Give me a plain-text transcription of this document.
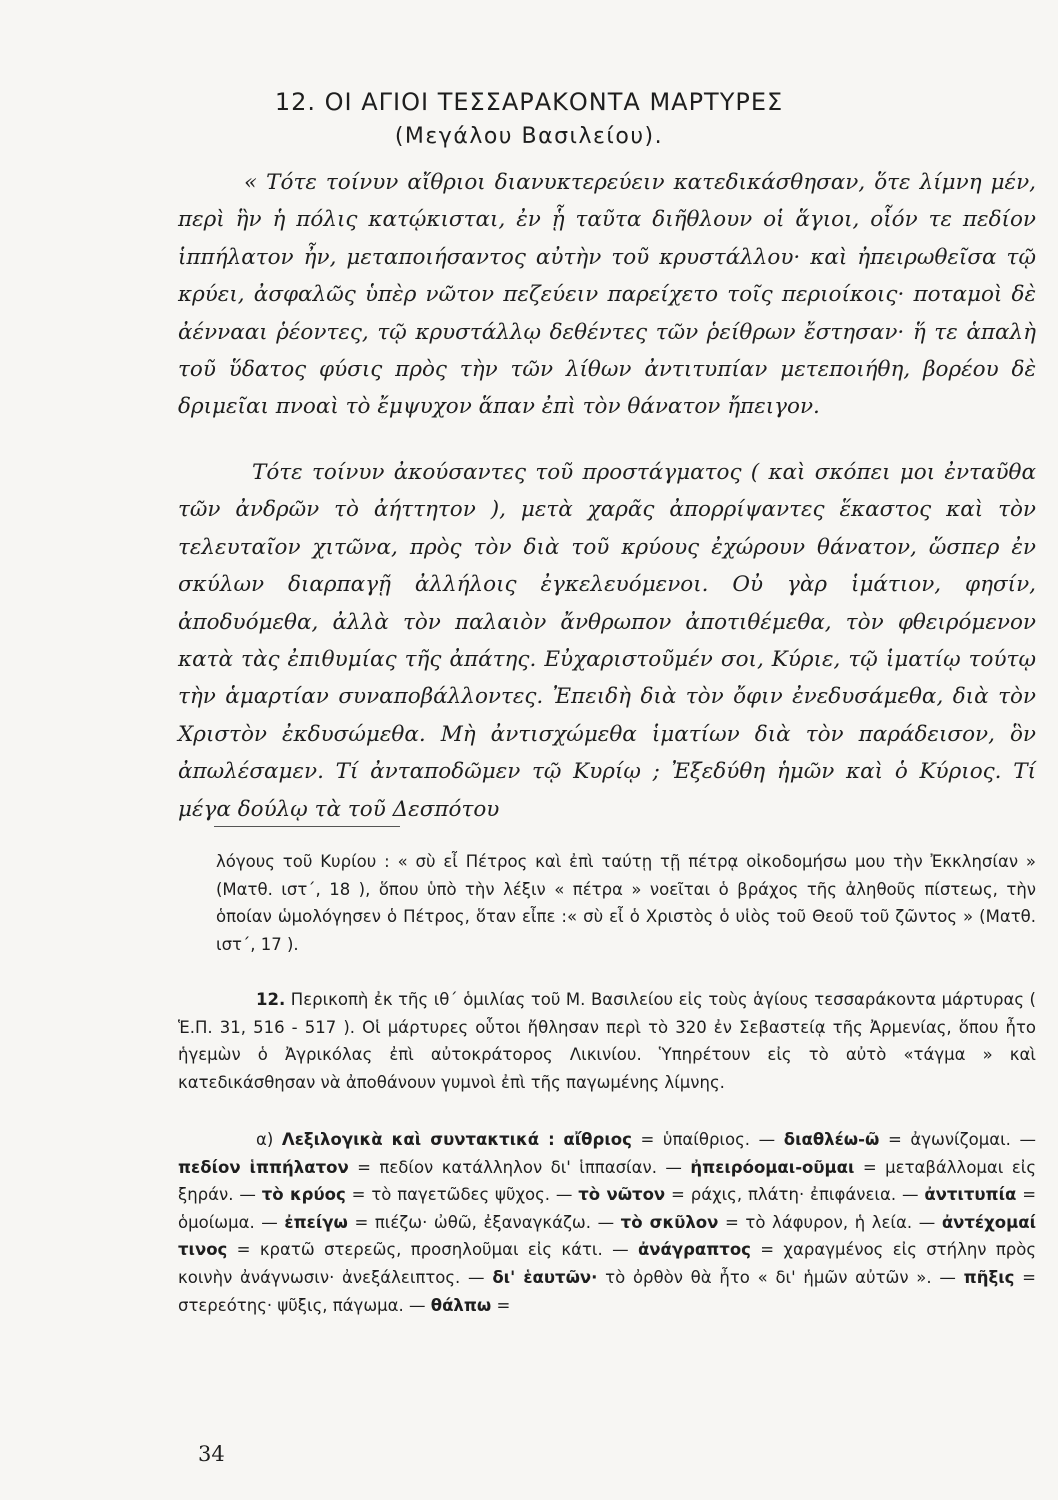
12. ΟΙ ΑΓΙΟΙ ΤΕΣΣΑΡΑΚΟΝΤΑ ΜΑΡΤΥΡΕΣ
(Μεγάλου Βασιλείου).
« Τότε τοίνυν αἴθριοι διανυκτερεύειν κατεδικάσθησαν, ὅτε λίμνη μέν, περὶ ἣν ἡ πόλις κατῴκισται, ἐν ᾗ ταῦτα διῆθλουν οἱ ἅγιοι, οἷόν τε πεδίον ἱππήλατον ἦν, μεταποιήσαντος αὐτὴν τοῦ κρυστάλλου· καὶ ἠπειρωθεῖσα τῷ κρύει, ἀσφαλῶς ὑπὲρ νῶτον πεζεύειν παρείχετο τοῖς περιοίκοις· ποταμοὶ δὲ ἀέννααι ῥέοντες, τῷ κρυστάλλῳ δεθέντες τῶν ῥείθρων ἔστησαν· ἥ τε ἁπαλὴ τοῦ ὕδατος φύσις πρὸς τὴν τῶν λίθων ἀντιτυπίαν μετεποιήθη, βορέου δὲ δριμεῖαι πνοαὶ τὸ ἔμψυχον ἅπαν ἐπὶ τὸν θάνατον ἤπειγον.
Τότε τοίνυν ἀκούσαντες τοῦ προστάγματος ( καὶ σκόπει μοι ἐνταῦθα τῶν ἀνδρῶν τὸ ἀήττητον ), μετὰ χαρᾶς ἀπορρίψαντες ἕκαστος καὶ τὸν τελευταῖον χιτῶνα, πρὸς τὸν διὰ τοῦ κρύους ἐχώρουν θάνατον, ὥσπερ ἐν σκύλων διαρπαγῇ ἀλλήλοις ἐγκελευόμενοι. Οὐ γὰρ ἱμάτιον, φησίν, ἀποδυόμεθα, ἀλλὰ τὸν παλαιὸν ἄνθρωπον ἀποτιθέμεθα, τὸν φθειρόμενον κατὰ τὰς ἐπιθυμίας τῆς ἀπάτης. Εὐχαριστοῦμέν σοι, Κύριε, τῷ ἱματίῳ τούτῳ τὴν ἁμαρτίαν συναποβάλλοντες. Ἐπειδὴ διὰ τὸν ὄφιν ἐνεδυσάμεθα, διὰ τὸν Χριστὸν ἐκδυσώμεθα. Μὴ ἀντισχώμεθα ἱματίων διὰ τὸν παράδεισον, ὃν ἀπωλέσαμεν. Τί ἀνταποδῶμεν τῷ Κυρίῳ ; Ἐξεδύθη ἡμῶν καὶ ὁ Κύριος. Τί μέγα δούλῳ τὰ τοῦ Δεσπότου
λόγους τοῦ Κυρίου : « σὺ εἶ Πέτρος καὶ ἐπὶ ταύτῃ τῇ πέτρᾳ οἰκοδομήσω μου τὴν Ἐκκλησίαν » (Ματθ. ιστ΄, 18 ), ὅπου ὑπὸ τὴν λέξιν « πέτρα » νοεῖται ὁ βράχος τῆς ἀληθοῦς πίστεως, τὴν ὁποίαν ὡμολόγησεν ὁ Πέτρος, ὅταν εἶπε :« σὺ εἶ ὁ Χριστὸς ὁ υἱὸς τοῦ Θεοῦ τοῦ ζῶντος » (Ματθ. ιστ΄, 17 ).
12. Περικοπὴ ἐκ τῆς ιθ΄ ὁμιλίας τοῦ Μ. Βασιλείου εἰς τοὺς ἁγίους τεσσαράκοντα μάρτυρας ( Ἑ.Π. 31, 516 - 517 ). Οἱ μάρτυρες οὗτοι ἤθλησαν περὶ τὸ 320 ἐν Σεβαστείᾳ τῆς Ἀρμενίας, ὅπου ἦτο ἡγεμὼν ὁ Ἀγρικόλας ἐπὶ αὐτοκράτορος Λικινίου. Ὑπηρέτουν εἰς τὸ αὐτὸ «τάγμα » καὶ κατεδικάσθησαν νὰ ἀποθάνουν γυμνοὶ ἐπὶ τῆς παγωμένης λίμνης.
α) Λεξιλογικὰ καὶ συντακτικά : αἴθριος = ὑπαίθριος. — διαθλέω-ῶ = ἀγωνίζομαι. — πεδίον ἱππήλατον = πεδίον κατάλληλον δι' ἱππασίαν. — ἠπειρόομαι-οῦμαι = μεταβάλλομαι εἰς ξηράν. — τὸ κρύος = τὸ παγετῶδες ψῦχος. — τὸ νῶτον = ράχις, πλάτη· ἐπιφάνεια. — ἀντιτυπία = ὁμοίωμα. — ἐπείγω = πιέζω· ὠθῶ, ἐξαναγκάζω. — τὸ σκῦλον = τὸ λάφυρον, ἡ λεία. — ἀντέχομαί τινος = κρατῶ στερεῶς, προσηλοῦμαι εἰς κάτι. — ἀνάγραπτος = χαραγμένος εἰς στήλην πρὸς κοινὴν ἀνάγνωσιν· ἀνεξάλειπτος. — δι' ἑαυτῶν· τὸ ὀρθὸν θὰ ἦτο « δι' ἡμῶν αὐτῶν ». — πῆξις = στερεότης· ψῦξις, πάγωμα. — θάλπω =
34
